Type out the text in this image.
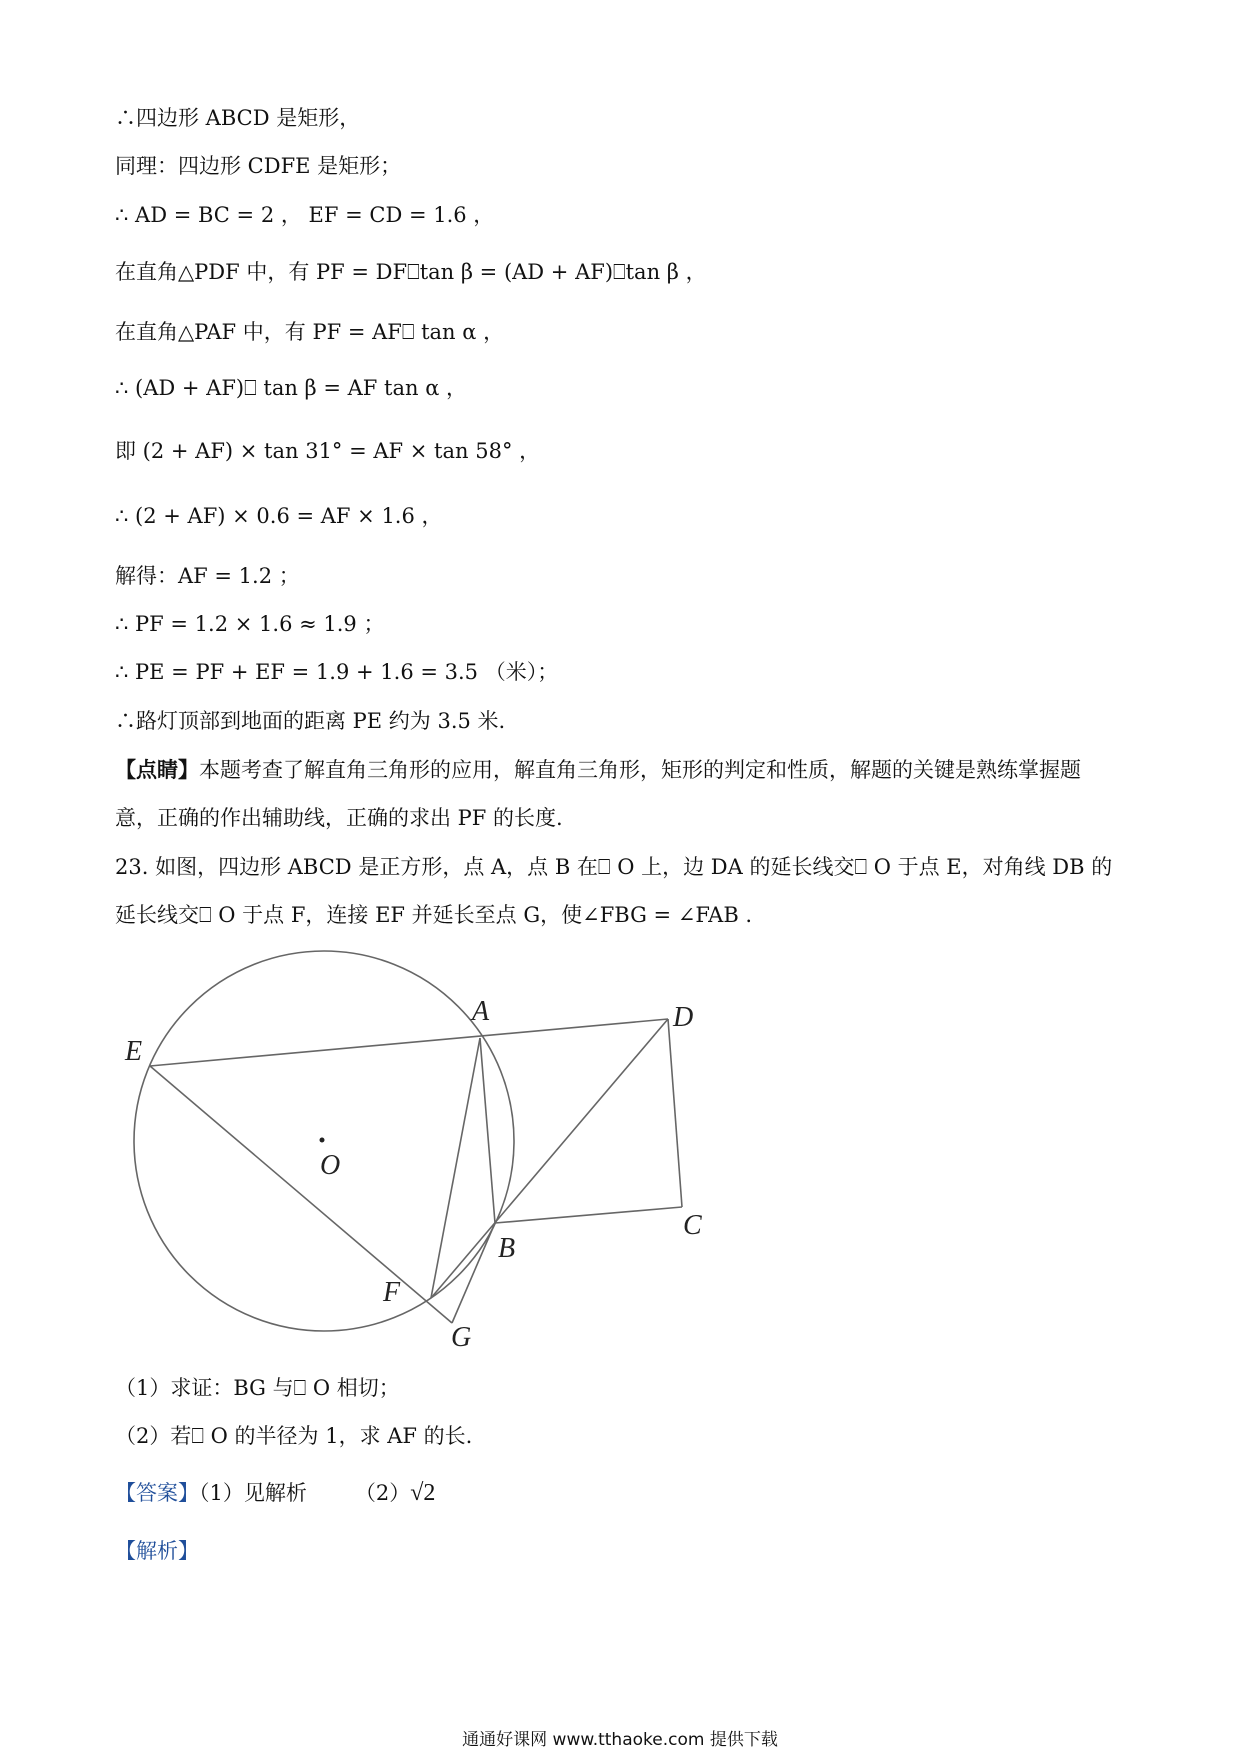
∴四边形 ABCD 是矩形，
同理：四边形 CDFE 是矩形；
∴ AD = BC = 2 ， EF = CD = 1.6 ，
在直角△PDF 中，有 PF = DF⎕tan β = (AD + AF)⎕tan β ，
在直角△PAF 中，有 PF = AF⎕ tan α ，
∴ (AD + AF)⎕ tan β = AF tan α ，
即 (2 + AF) × tan 31° = AF × tan 58° ，
∴ (2 + AF) × 0.6 = AF × 1.6 ，
解得：AF = 1.2 ；
∴ PF = 1.2 × 1.6 ≈ 1.9 ；
∴ PE = PF + EF = 1.9 + 1.6 = 3.5 （米）；
∴路灯顶部到地面的距离 PE 约为 3.5 米.
【点睛】本题考查了解直角三角形的应用，解直角三角形，矩形的判定和性质，解题的关键是熟练掌握题
意，正确的作出辅助线，正确的求出 PF 的长度.
23. 如图，四边形 ABCD 是正方形，点 A，点 B 在⎕ O 上，边 DA 的延长线交⎕ O 于点 E，对角线 DB 的
延长线交⎕ O 于点 F，连接 EF 并延长至点 G，使∠FBG = ∠FAB .
A
B
C
D
E
F
G
O
（1）求证：BG 与⎕ O 相切；
（2）若⎕ O 的半径为 1，求 AF 的长.
【答案】（1）见解析 （2）√2
【解析】
通通好课网 www.tthaoke.com 提供下载
